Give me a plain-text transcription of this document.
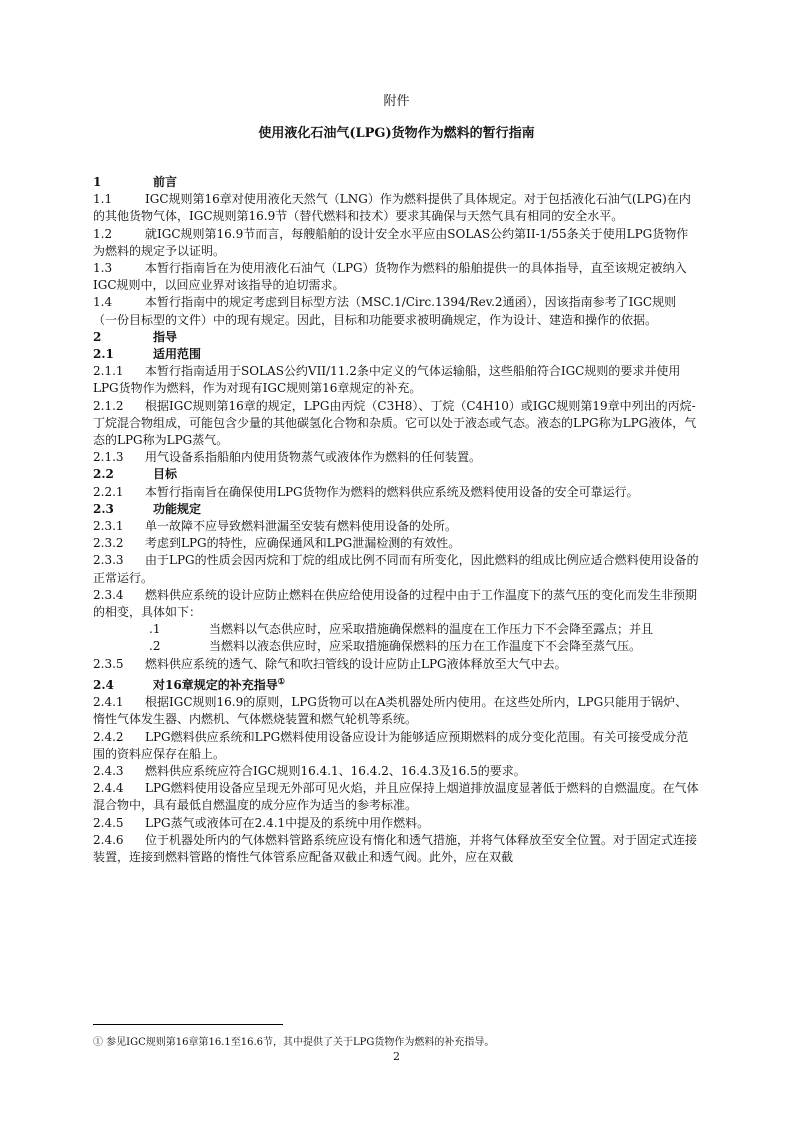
附件
使用液化石油气(LPG)货物作为燃料的暂行指南

1	前言

1.1	IGC规则第16章对使用液化天然气（LNG）作为燃料提供了具体规定。对于包括液化石油气(LPG)在内的其他货物气体，IGC规则第16.9节（替代燃料和技术）要求其确保与天然气具有相同的安全水平。

1.2	就IGC规则第16.9节而言，每艘船舶的设计安全水平应由SOLAS公约第II-1/55条关于使用LPG货物作为燃料的规定予以证明。

1.3	本暂行指南旨在为使用液化石油气（LPG）货物作为燃料的船舶提供一的具体指导，直至该规定被纳入IGC规则中，以回应业界对该指导的迫切需求。

1.4	本暂行指南中的规定考虑到目标型方法（MSC.1/Circ.1394/Rev.2通函），因该指南参考了IGC规则（一份目标型的文件）中的现有规定。因此，目标和功能要求被明确规定，作为设计、建造和操作的依据。

2	指导

2.1	适用范围

2.1.1 本暂行指南适用于SOLAS公约VII/11.2条中定义的气体运输船，这些船舶符合IGC规则的要求并使用LPG货物作为燃料，作为对现有IGC规则第16章规定的补充。

2.1.2 根据IGC规则第16章的规定，LPG由丙烷（C3H8）、丁烷（C4H10）或IGC规则第19章中列出的丙烷-丁烷混合物组成，可能包含少量的其他碳氢化合物和杂质。它可以处于液态或气态。液态的LPG称为LPG液体，气态的LPG称为LPG蒸气。

2.1.3 用气设备系指船舶内使用货物蒸气或液体作为燃料的任何装置。

2.2	目标

2.2.1 本暂行指南旨在确保使用LPG货物作为燃料的燃料供应系统及燃料使用设备的安全可靠运行。

2.3	功能规定

2.3.1 单一故障不应导致燃料泄漏至安装有燃料使用设备的处所。

2.3.2 考虑到LPG的特性，应确保通风和LPG泄漏检测的有效性。

2.3.3 由于LPG的性质会因丙烷和丁烷的组成比例不同而有所变化，因此燃料的组成比例应适合燃料使用设备的正常运行。

2.3.4 燃料供应系统的设计应防止燃料在供应给使用设备的过程中由于工作温度下的蒸气压的变化而发生非预期的相变，具体如下：

.1	当燃料以气态供应时，应采取措施确保燃料的温度在工作压力下不会降至露点；并且

.2	当燃料以液态供应时，应采取措施确保燃料的压力在工作温度下不会降至蒸气压。

2.3.5 燃料供应系统的透气、除气和吹扫管线的设计应防止LPG液体释放至大气中去。

2.4	对16章规定的补充指导①

2.4.1 根据IGC规则16.9的原则，LPG货物可以在A类机器处所内使用。在这些处所内，LPG只能用于锅炉、惰性气体发生器、内燃机、气体燃烧装置和燃气轮机等系统。

2.4.2 LPG燃料供应系统和LPG燃料使用设备应设计为能够适应预期燃料的成分变化范围。有关可接受成分范围的资料应保存在船上。

2.4.3 燃料供应系统应符合IGC规则16.4.1、16.4.2、16.4.3及16.5的要求。

2.4.4 LPG燃料使用设备应呈现无外部可见火焰，并且应保持上烟道排放温度显著低于燃料的自燃温度。在气体混合物中，具有最低自燃温度的成分应作为适当的参考标准。

2.4.5 LPG蒸气或液体可在2.4.1中提及的系统中用作燃料。

2.4.6 位于机器处所内的气体燃料管路系统应设有惰化和透气措施，并将气体释放至安全位置。对于固定式连接装置，连接到燃料管路的惰性气体管系应配备双截止和透气阀。此外，应在双截

① 参见IGC规则第16章第16.1至16.6节，其中提供了关于LPG货物作为燃料的补充指导。
2
